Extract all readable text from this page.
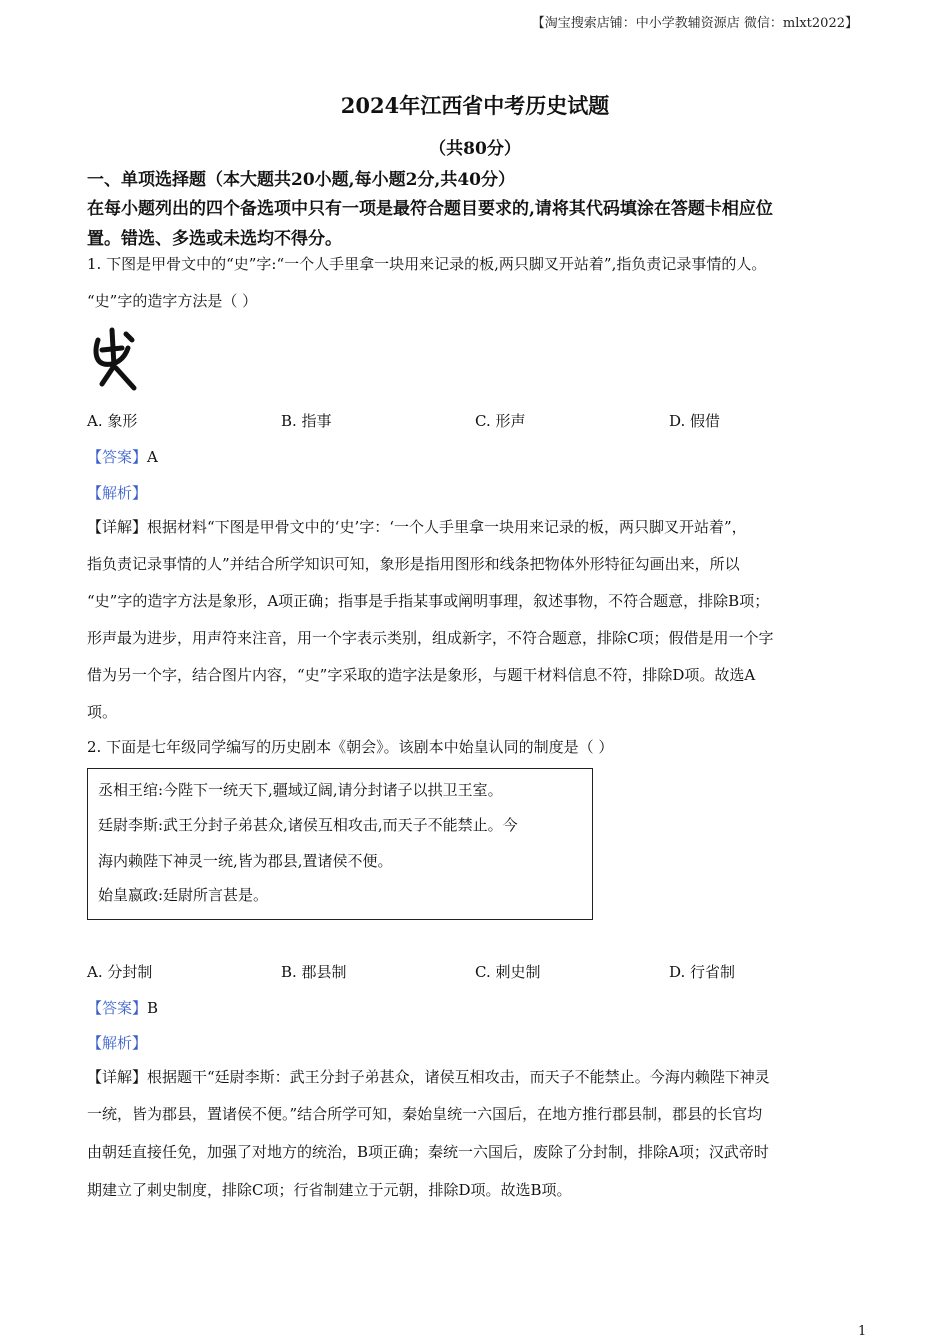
【淘宝搜索店铺：中小学教辅资源店 微信：mlxt2022】
2024年江西省中考历史试题
（共80分）
一、单项选择题（本大题共20小题,每小题2分,共40分）
在每小题列出的四个备选项中只有一项是最符合题目要求的,请将其代码填涂在答题卡相应位
置。错选、多选或未选均不得分。
1. 下图是甲骨文中的“史”字:“一个人手里拿一块用来记录的板,两只脚叉开站着”,指负责记录事情的人。
“史”字的造字方法是（ ）
A. 象形	B. 指事	C. 形声	D. 假借
【答案】A
【解析】
【详解】根据材料“下图是甲骨文中的‘史’字：‘一个人手里拿一块用来记录的板，两只脚叉开站着”，
指负责记录事情的人”并结合所学知识可知，象形是指用图形和线条把物体外形特征勾画出来，所以
“史”字的造字方法是象形，A项正确；指事是手指某事或阐明事理，叙述事物，不符合题意，排除B项；
形声最为进步，用声符来注音，用一个字表示类别，组成新字，不符合题意，排除C项；假借是用一个字
借为另一个字，结合图片内容，“史”字采取的造字法是象形，与题干材料信息不符，排除D项。故选A
项。
2. 下面是七年级同学编写的历史剧本《朝会》。该剧本中始皇认同的制度是（ ）
丞相王绾:今陛下一统天下,疆域辽阔,请分封诸子以拱卫王室。
廷尉李斯:武王分封子弟甚众,诸侯互相攻击,而天子不能禁止。今
海内赖陛下神灵一统,皆为郡县,置诸侯不便。
始皇嬴政:廷尉所言甚是。
A. 分封制	B. 郡县制	C. 刺史制	D. 行省制
【答案】B
【解析】
【详解】根据题干“廷尉李斯：武王分封子弟甚众，诸侯互相攻击，而天子不能禁止。今海内赖陛下神灵
一统，皆为郡县，置诸侯不便。”结合所学可知，秦始皇统一六国后，在地方推行郡县制，郡县的长官均
由朝廷直接任免，加强了对地方的统治，B项正确；秦统一六国后，废除了分封制，排除A项；汉武帝时
期建立了刺史制度，排除C项；行省制建立于元朝，排除D项。故选B项。
1
